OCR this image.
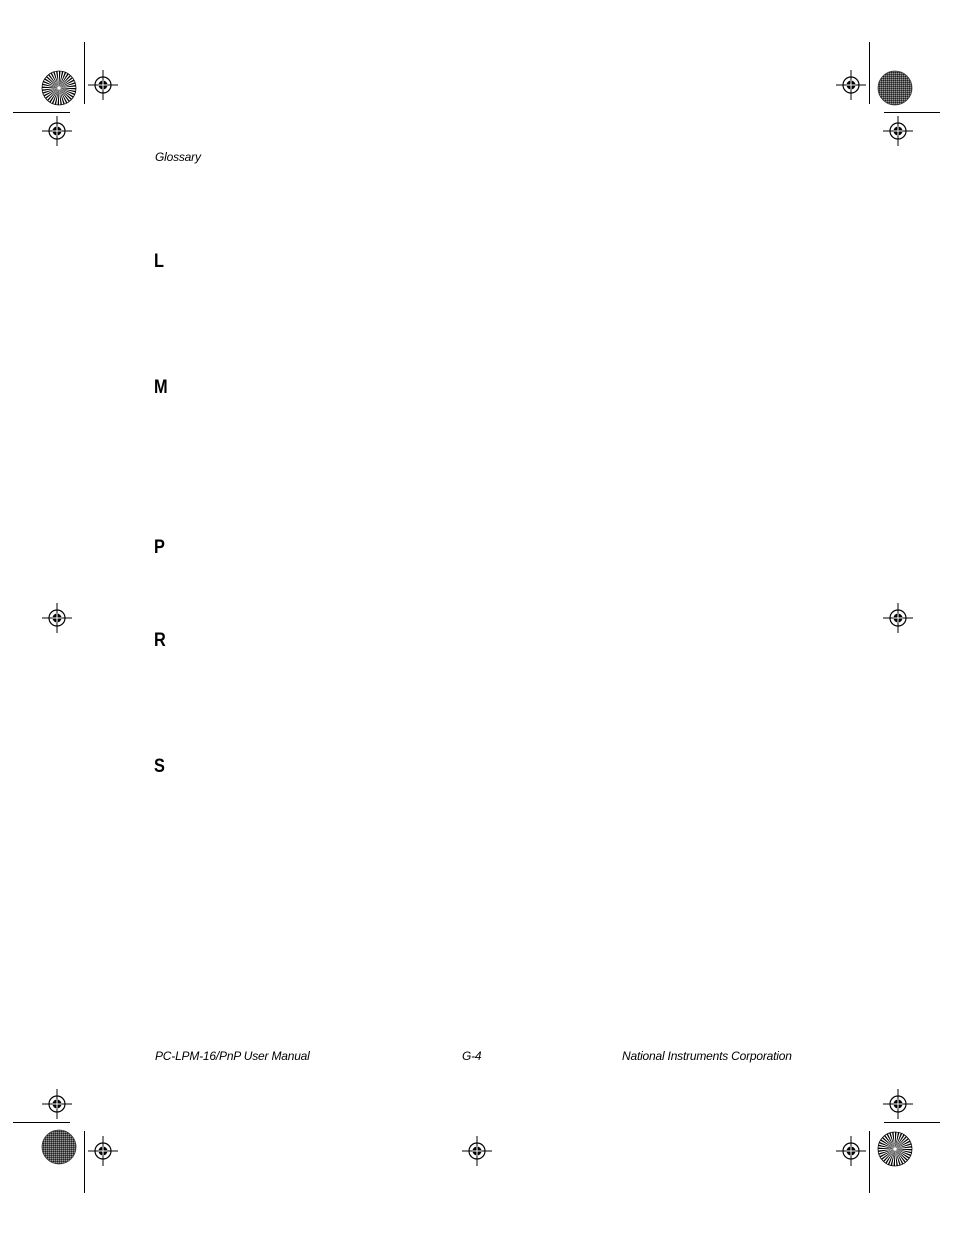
Glossary
L
M
P
R
S
PC-LPM-16/PnP User Manual	G-4	National Instruments Corporation
